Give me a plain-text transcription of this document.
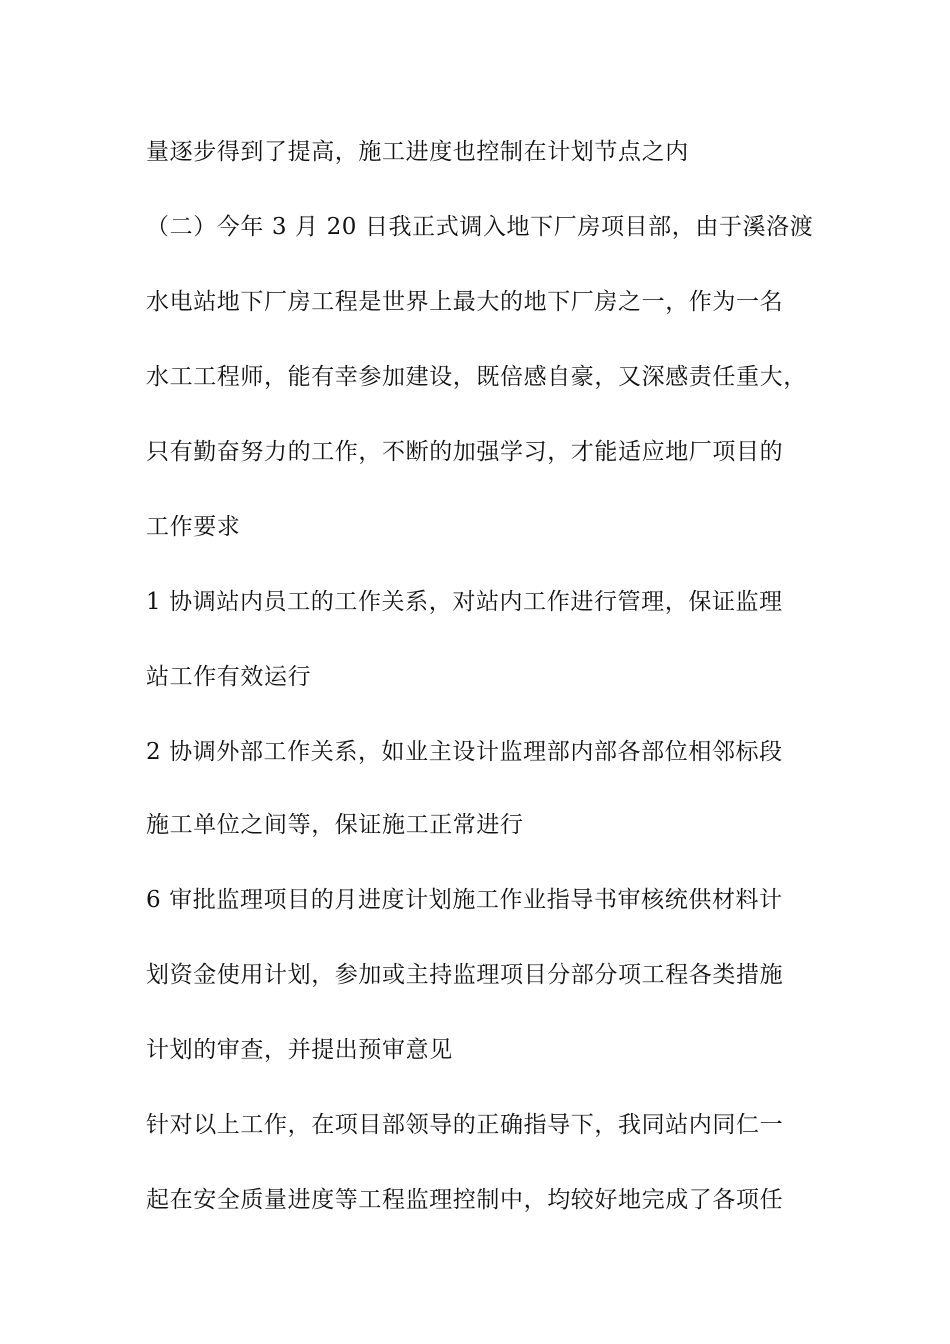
量逐步得到了提高，施工进度也控制在计划节点之内
（二）今年 3 月 20 日我正式调入地下厂房项目部，由于溪洛渡
水电站地下厂房工程是世界上最大的地下厂房之一，作为一名
水工工程师，能有幸参加建设，既倍感自豪，又深感责任重大，
只有勤奋努力的工作，不断的加强学习，才能适应地厂项目的
工作要求
1 协调站内员工的工作关系，对站内工作进行管理，保证监理
站工作有效运行
2 协调外部工作关系，如业主设计监理部内部各部位相邻标段
施工单位之间等，保证施工正常进行
6 审批监理项目的月进度计划施工作业指导书审核统供材料计
划资金使用计划，参加或主持监理项目分部分项工程各类措施
计划的审查，并提出预审意见
针对以上工作，在项目部领导的正确指导下，我同站内同仁一
起在安全质量进度等工程监理控制中，均较好地完成了各项任
